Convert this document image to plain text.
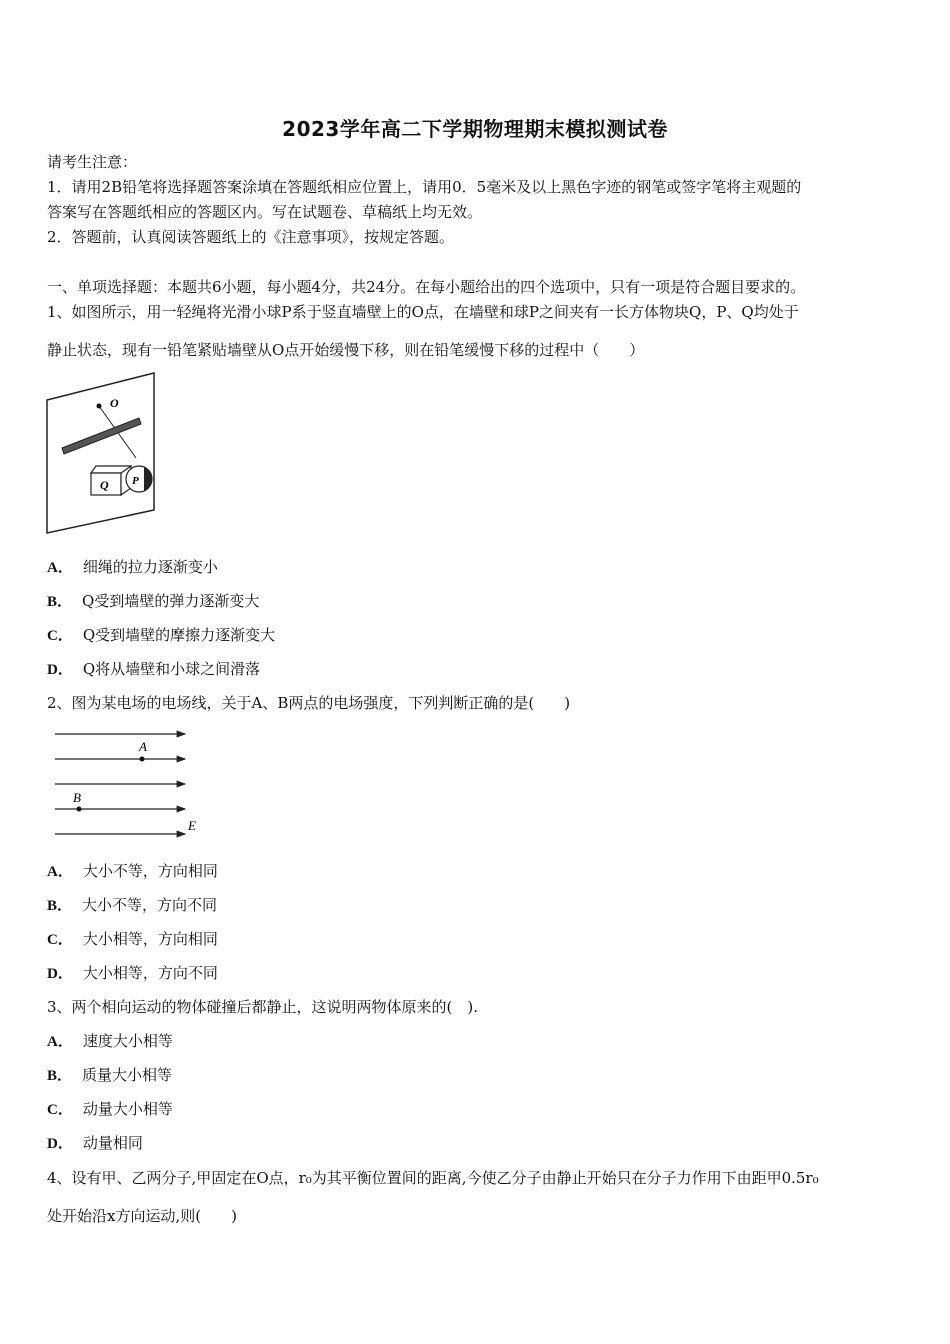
2023学年高二下学期物理期末模拟测试卷
请考生注意：
1．请用2B铅笔将选择题答案涂填在答题纸相应位置上，请用0．5毫米及以上黑色字迹的钢笔或签字笔将主观题的
答案写在答题纸相应的答题区内。写在试题卷、草稿纸上均无效。
2．答题前，认真阅读答题纸上的《注意事项》，按规定答题。
一、单项选择题：本题共6小题，每小题4分，共24分。在每小题给出的四个选项中，只有一项是符合题目要求的。
1、如图所示，用一轻绳将光滑小球P系于竖直墙壁上的O点，在墙壁和球P之间夹有一长方体物块Q，P、Q均处于
静止状态，现有一铅笔紧贴墙壁从O点开始缓慢下移，则在铅笔缓慢下移的过程中（　　）
O
Q P
A． 细绳的拉力逐渐变小
B． Q受到墙壁的弹力逐渐变大
C． Q受到墙壁的摩擦力逐渐变大
D． Q将从墙壁和小球之间滑落
2、图为某电场的电场线，关于A、B两点的电场强度，下列判断正确的是(　　)
A
B
E
A． 大小不等，方向相同
B． 大小不等，方向不同
C． 大小相等，方向相同
D． 大小相等，方向不同
3、两个相向运动的物体碰撞后都静止，这说明两物体原来的(　).
A． 速度大小相等
B． 质量大小相等
C． 动量大小相等
D． 动量相同
4、设有甲、乙两分子,甲固定在O点，r₀为其平衡位置间的距离,今使乙分子由静止开始只在分子力作用下由距甲0.5r₀
处开始沿x方向运动,则(　　)
